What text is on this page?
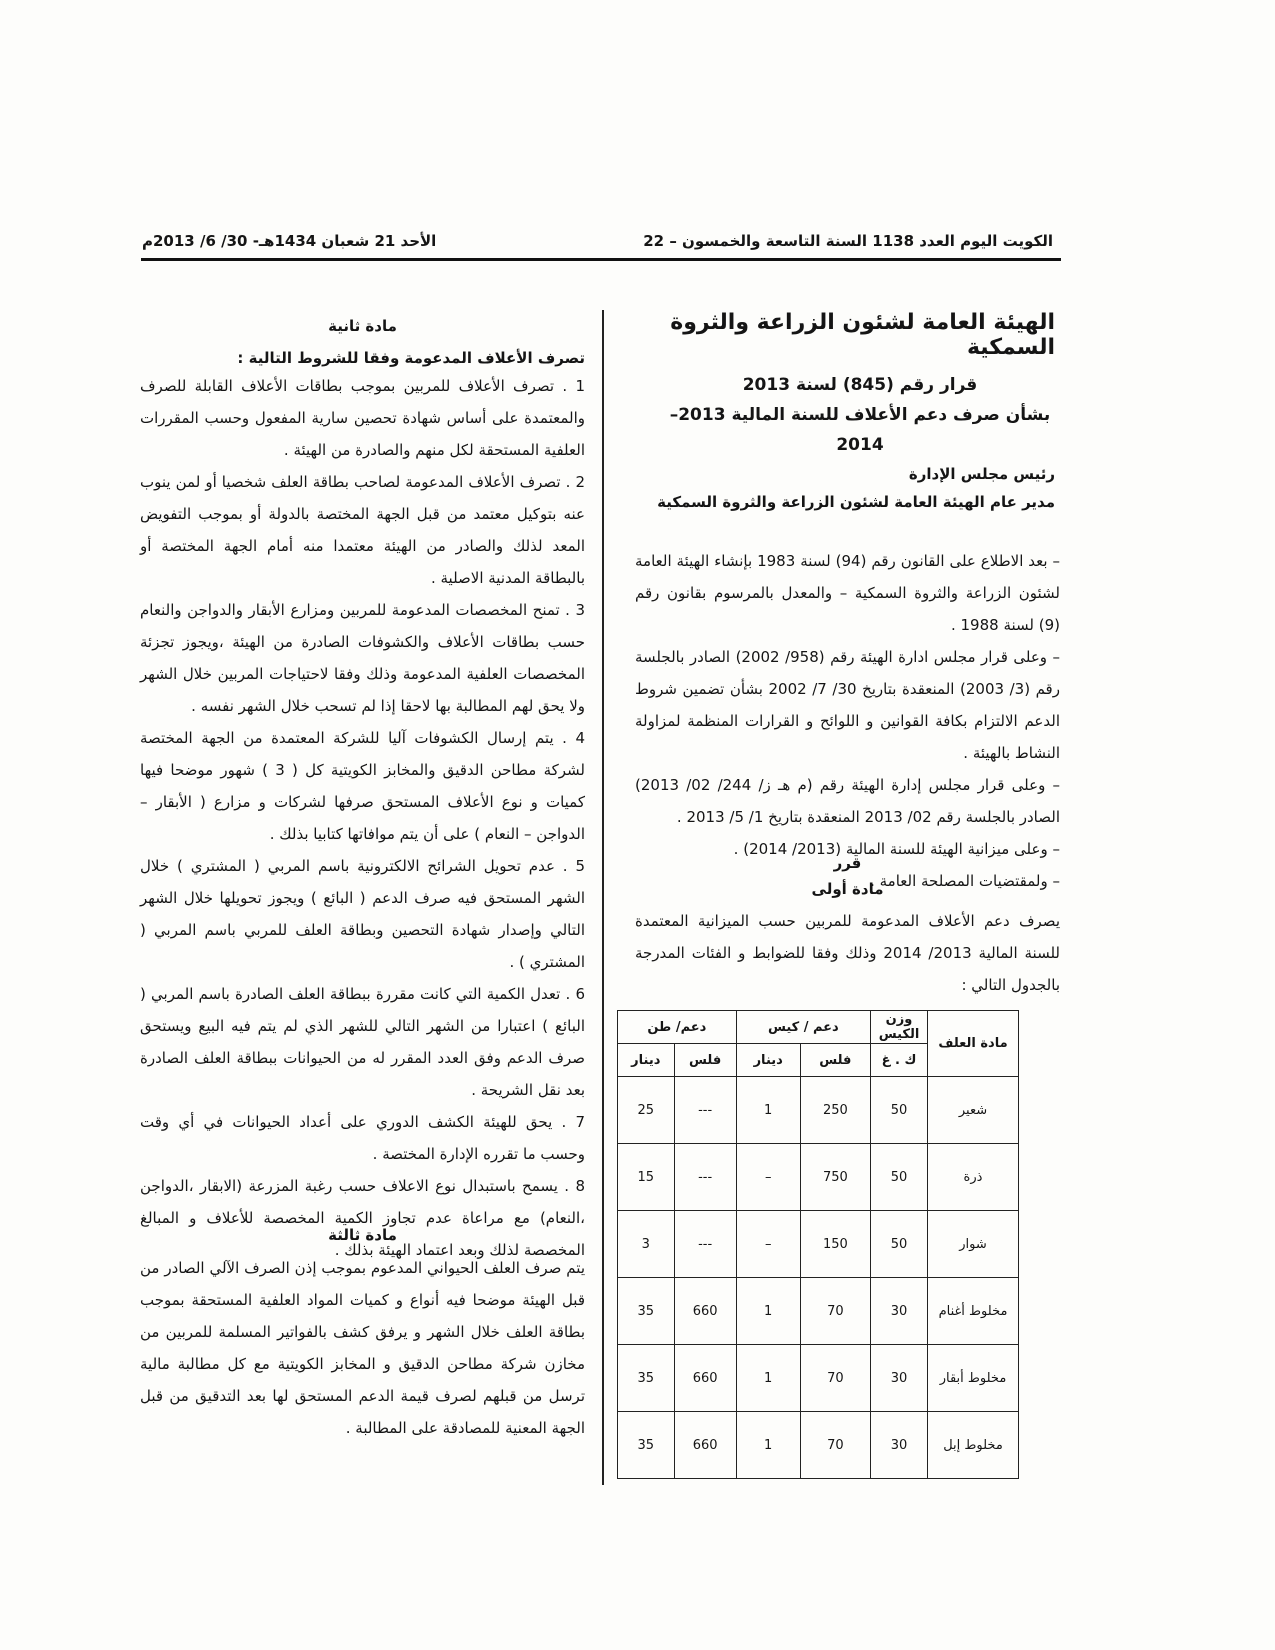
الكويت اليوم العدد 1138 السنة التاسعة والخمسون – 22
الأحد 21 شعبان 1434هـ- 30/ 6/ 2013م
الهيئة العامة لشئون الزراعة والثروة السمكية
قرار رقم (845) لسنة 2013
بشأن صرف دعم الأعلاف للسنة المالية 2013– 2014
رئيس مجلس الإدارة
مدير عام الهيئة العامة لشئون الزراعة والثروة السمكية

– بعد الاطلاع على القانون رقم (94) لسنة 1983 بإنشاء الهيئة العامة لشئون الزراعة والثروة السمكية – والمعدل بالمرسوم بقانون رقم (9) لسنة 1988 .

– وعلى قرار مجلس ادارة الهيئة رقم (958/ 2002) الصادر بالجلسة رقم (3/ 2003) المنعقدة بتاريخ 30/ 7/ 2002 بشأن تضمين شروط الدعم الالتزام بكافة القوانين و اللوائح و القرارات المنظمة لمزاولة النشاط بالهيئة .

– وعلى قرار مجلس إدارة الهيئة رقم (م هـ ز/ 244/ 02/ 2013) الصادر بالجلسة رقم 02/ 2013 المنعقدة بتاريخ 1/ 5/ 2013 .

– وعلى ميزانية الهيئة للسنة المالية (2013/ 2014) .

– ولمقتضيات المصلحة العامة .

قرر
مادة أولى

يصرف دعم الأعلاف المدعومة للمربين حسب الميزانية المعتمدة للسنة المالية 2013/ 2014 وذلك وفقا للضوابط و الفئات المدرجة بالجدول التالي :

مادة العلف	وزن الكيس	دعم / كيس		دعم/ طن	
	ك . غ	فلس	دينار	فلس	دينار
شعير	50	250	1	---	25
ذرة	50	750	–	---	15
شوار	50	150	–	---	3
مخلوط أغنام	30	70	1	660	35
مخلوط أبقار	30	70	1	660	35
مخلوط إبل	30	70	1	660	35
مادة ثانية
تصرف الأعلاف المدعومة وفقا للشروط التالية :

1 . تصرف الأعلاف للمربين بموجب بطاقات الأعلاف القابلة للصرف والمعتمدة على أساس شهادة تحصين سارية المفعول وحسب المقررات العلفية المستحقة لكل منهم والصادرة من الهيئة .

2 . تصرف الأعلاف المدعومة لصاحب بطاقة العلف شخصيا أو لمن ينوب عنه بتوكيل معتمد من قبل الجهة المختصة بالدولة أو بموجب التفويض المعد لذلك والصادر من الهيئة معتمدا منه أمام الجهة المختصة أو بالبطاقة المدنية الاصلية .

3 . تمنح المخصصات المدعومة للمربين ومزارع الأبقار والدواجن والنعام حسب بطاقات الأعلاف والكشوفات الصادرة من الهيئة ،ويجوز تجزئة المخصصات العلفية المدعومة وذلك وفقا لاحتياجات المربين خلال الشهر ولا يحق لهم المطالبة بها لاحقا إذا لم تسحب خلال الشهر نفسه .

4 . يتم إرسال الكشوفات آليا للشركة المعتمدة من الجهة المختصة لشركة مطاحن الدقيق والمخابز الكويتية كل ( 3 ) شهور موضحا فيها كميات و نوع الأعلاف المستحق صرفها لشركات و مزارع ( الأبقار – الدواجن – النعام ) على أن يتم موافاتها كتابيا بذلك .

5 . عدم تحويل الشرائح الالكترونية باسم المربي ( المشتري ) خلال الشهر المستحق فيه صرف الدعم ( البائع ) ويجوز تحويلها خلال الشهر التالي وإصدار شهادة التحصين وبطاقة العلف للمربي باسم المربي ( المشتري ) .

6 . تعدل الكمية التي كانت مقررة ببطاقة العلف الصادرة باسم المربي ( البائع ) اعتبارا من الشهر التالي للشهر الذي لم يتم فيه البيع ويستحق صرف الدعم وفق العدد المقرر له من الحيوانات ببطاقة العلف الصادرة بعد نقل الشريحة .

7 . يحق للهيئة الكشف الدوري على أعداد الحيوانات في أي وقت وحسب ما تقرره الإدارة المختصة .

8 . يسمح باستبدال نوع الاعلاف حسب رغبة المزرعة (الابقار ،الدواجن ،النعام) مع مراعاة عدم تجاوز الكمية المخصصة للأعلاف و المبالغ المخصصة لذلك وبعد اعتماد الهيئة بذلك .

مادة ثالثة

يتم صرف العلف الحيواني المدعوم بموجب إذن الصرف الآلي الصادر من قبل الهيئة موضحا فيه أنواع و كميات المواد العلفية المستحقة بموجب بطاقة العلف خلال الشهر و يرفق كشف بالفواتير المسلمة للمربين من مخازن شركة مطاحن الدقيق و المخابز الكويتية مع كل مطالبة مالية ترسل من قبلهم لصرف قيمة الدعم المستحق لها بعد التدقيق من قبل الجهة المعنية للمصادقة على المطالبة .
